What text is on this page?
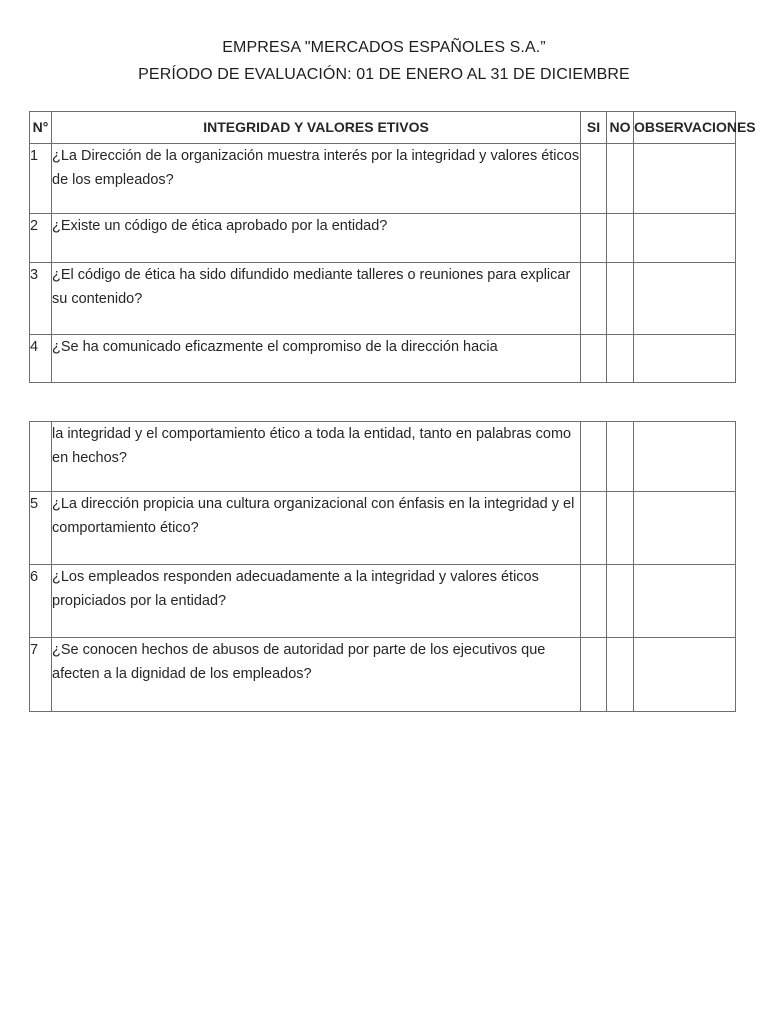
EMPRESA "MERCADOS ESPAÑOLES S.A.”
PERÍODO DE EVALUACIÓN: 01 DE ENERO AL 31 DE DICIEMBRE
N°	INTEGRIDAD Y VALORES ETIVOS	SI	NO	OBSERVACIONES
1	¿La Dirección de la organización muestra interés por la integridad y valores éticos de los empleados?			
2	¿Existe un código de ética aprobado por la entidad?			
3	¿El código de ética ha sido difundido mediante talleres o reuniones para explicar su contenido?			
4	¿Se ha comunicado eficazmente el compromiso de la dirección hacia			
	la integridad y el comportamiento ético a toda la entidad, tanto en palabras como en hechos?			
5	¿La dirección propicia una cultura organizacional con énfasis en la integridad y el comportamiento ético?			
6	¿Los empleados responden adecuadamente a la integridad y valores éticos propiciados por la entidad?			
7	¿Se conocen hechos de abusos de autoridad por parte de los ejecutivos que afecten a la dignidad de los empleados?			
